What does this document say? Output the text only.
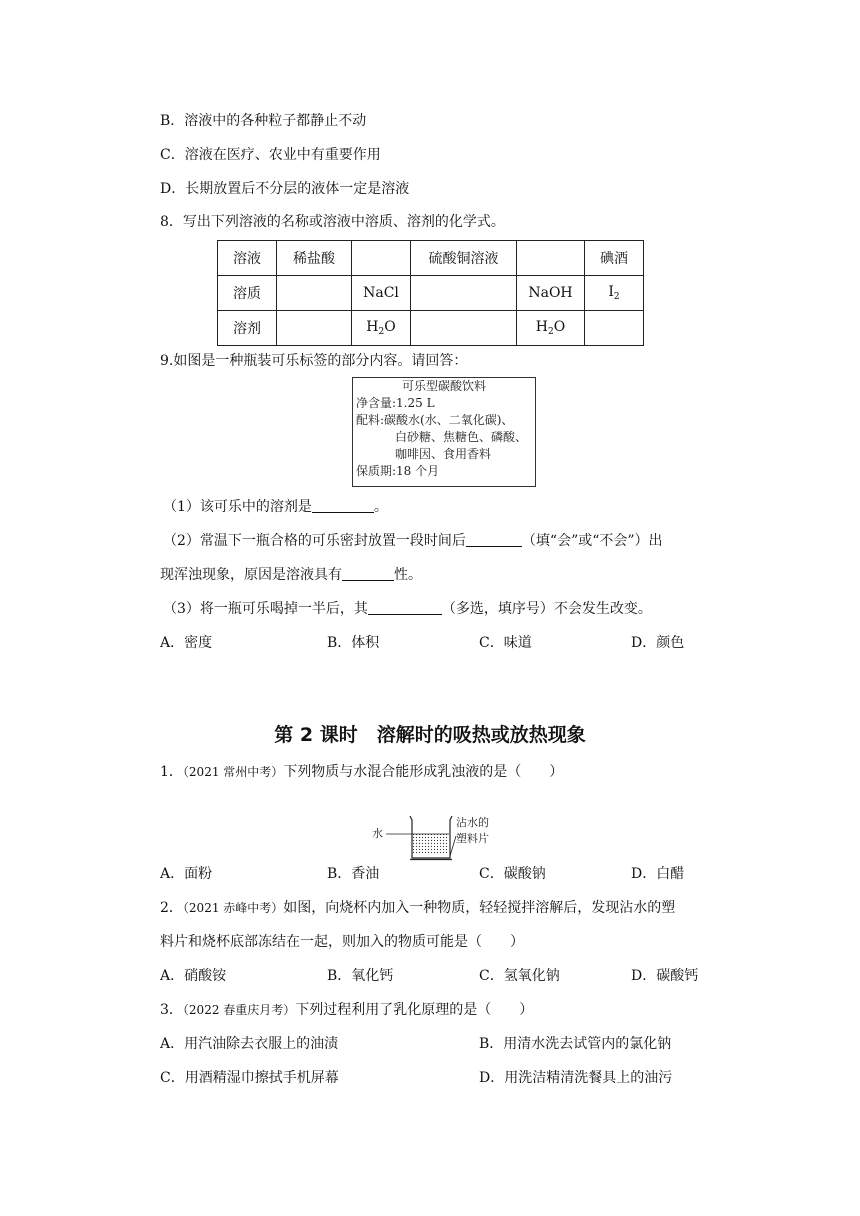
B．溶液中的各种粒子都静止不动
C．溶液在医疗、农业中有重要作用
D．长期放置后不分层的液体一定是溶液
8．写出下列溶液的名称或溶液中溶质、溶剂的化学式。
溶液	稀盐酸		硫酸铜溶液		碘酒
溶质		NaCl		NaOH	$I_2$
溶剂		$H_2O$		$H_2O$	
9.如图是一种瓶装可乐标签的部分内容。请回答：
可乐型碳酸饮料
净含量:1.25 L
配料:碳酸水(水、二氧化碳)、
白砂糖、焦糖色、磷酸、
咖啡因、食用香料
保质期:18 个月
（1）该可乐中的溶剂是	。
（2）常温下一瓶合格的可乐密封放置一段时间后	（填“会”或“不会”）出
现浑浊现象，原因是溶液具有	性。
（3）将一瓶可乐喝掉一半后，其	（多选，填序号）不会发生改变。
A．密度	B．体积	C．味道	D．颜色
第 2 课时　溶解时的吸热或放热现象
1．（2021 常州中考）下列物质与水混合能形成乳浊液的是（　　）
水
沾水的
塑料片
A．面粉	B．香油	C．碳酸钠	D．白醋
2．（2021 赤峰中考）如图，向烧杯内加入一种物质，轻轻搅拌溶解后，发现沾水的塑
料片和烧杯底部冻结在一起，则加入的物质可能是（　　）
A．硝酸铵	B．氧化钙	C．氢氧化钠	D．碳酸钙
3．（2022 春重庆月考）下列过程利用了乳化原理的是（　　）
A．用汽油除去衣服上的油渍	B．用清水洗去试管内的氯化钠
C．用酒精湿巾擦拭手机屏幕	D．用洗洁精清洗餐具上的油污
